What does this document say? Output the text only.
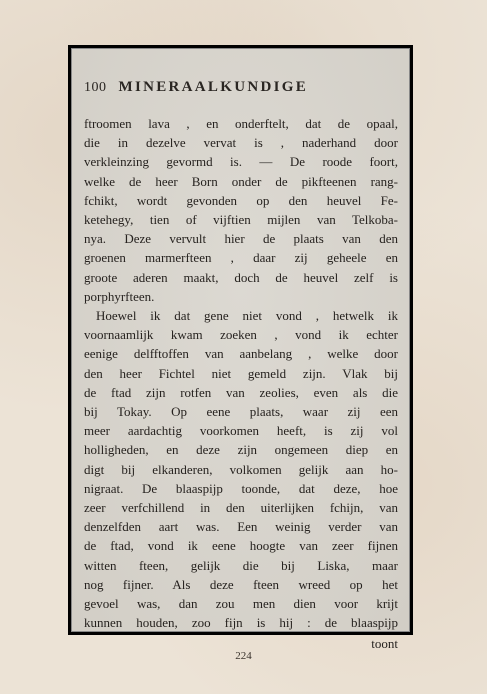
100 MINERAALKUNDIGE
ftroomen lava , en onderftelt, dat de opaal,
die in dezelve vervat is , naderhand door
verkleinzing gevormd is. — De roode foort,
welke de heer Born onder de pikfteenen rang-
fchikt, wordt gevonden op den heuvel Fe-
ketehegy, tien of vijftien mijlen van Telkoba-
nya. Deze vervult hier de plaats van den
groenen marmerfteen , daar zij geheele en
groote aderen maakt, doch de heuvel zelf is
porphyrfteen.
Hoewel ik dat gene niet vond , hetwelk ik
voornaamlijk kwam zoeken , vond ik echter
eenige delfftoffen van aanbelang , welke door
den heer Fichtel niet gemeld zijn. Vlak bij
de ftad zijn rotfen van zeolies, even als die
bij Tokay. Op eene plaats, waar zij een
meer aardachtig voorkomen heeft, is zij vol
holligheden, en deze zijn ongemeen diep en
digt bij elkanderen, volkomen gelijk aan ho-
nigraat. De blaaspijp toonde, dat deze, hoe
zeer verfchillend in den uiterlijken fchijn, van
denzelfden aart was. Een weinig verder van
de ftad, vond ik eene hoogte van zeer fijnen
witten fteen, gelijk die bij Liska, maar
nog fijner. Als deze fteen wreed op het
gevoel was, dan zou men dien voor krijt
kunnen houden, zoo fijn is hij : de blaaspijp
toont
224
